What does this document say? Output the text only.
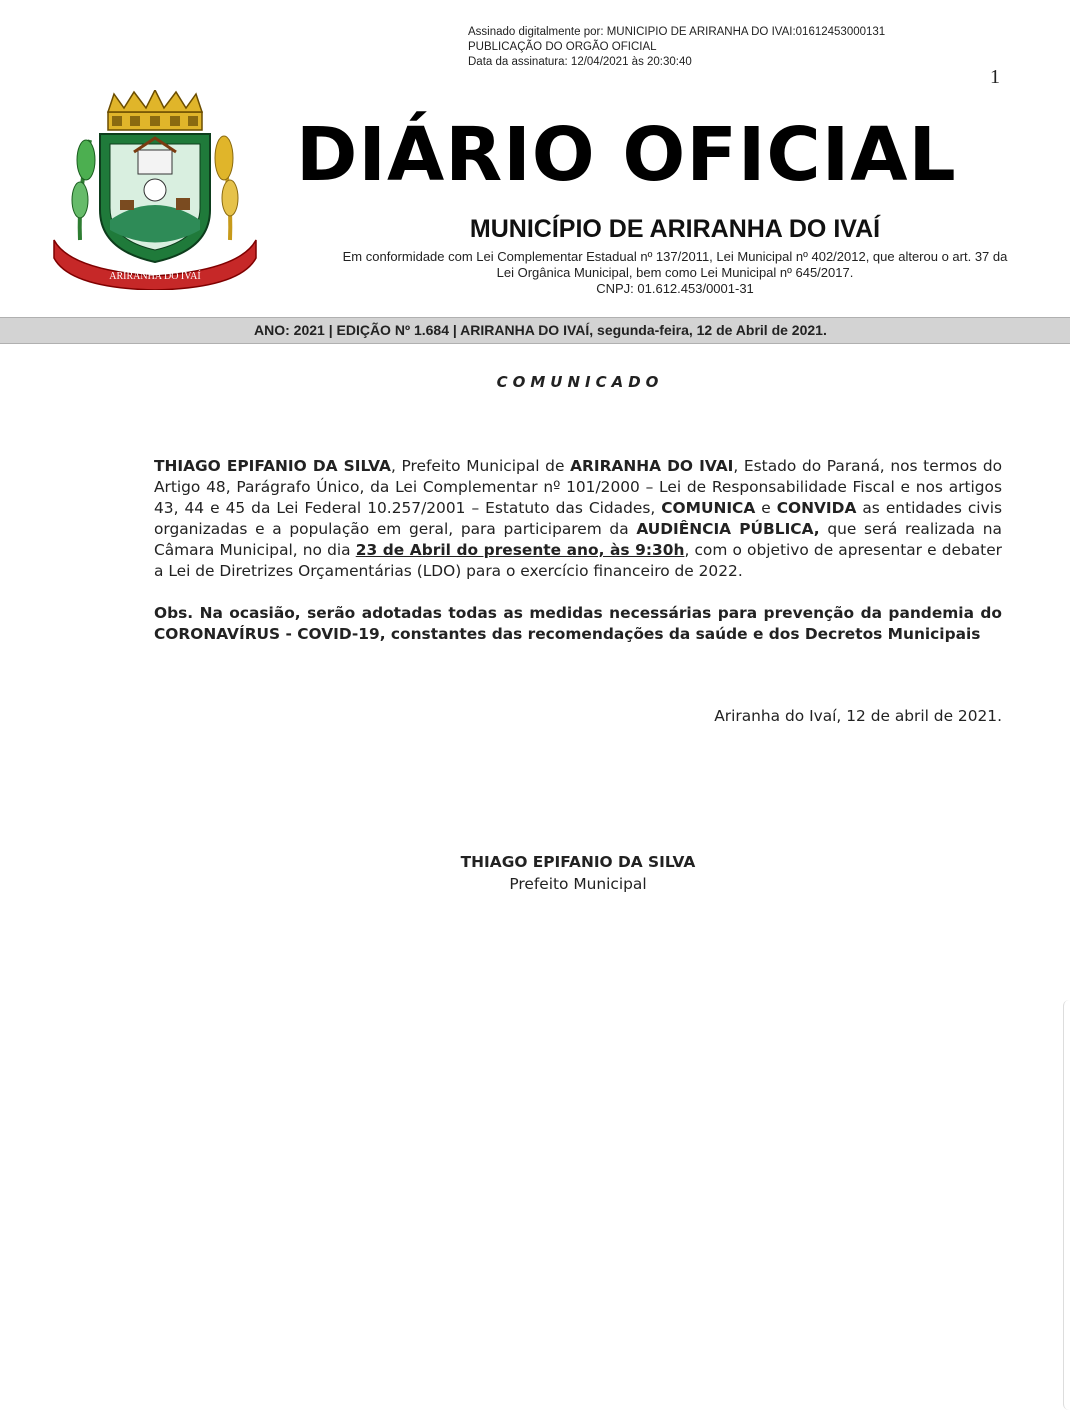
Assinado digitalmente por: MUNICIPIO DE ARIRANHA DO IVAI:01612453000131
PUBLICAÇÃO DO ORGÃO OFICIAL
Data da assinatura: 12/04/2021 às 20:30:40
1
ARIRANHA DO IVAÍ
DIÁRIO OFICIAL
MUNICÍPIO DE ARIRANHA DO IVAÍ
Em conformidade com Lei Complementar Estadual nº 137/2011, Lei Municipal nº 402/2012, que alterou o art. 37 da
Lei Orgânica Municipal, bem como Lei Municipal nº 645/2017.
CNPJ: 01.612.453/0001-31
ANO: 2021 | EDIÇÃO Nº 1.684 | ARIRANHA DO IVAÍ, segunda-feira, 12 de Abril de 2021.
COMUNICADO
THIAGO EPIFANIO DA SILVA, Prefeito Municipal de ARIRANHA DO IVAI, Estado do Paraná, nos termos do Artigo 48, Parágrafo Único, da Lei Complementar nº 101/2000 – Lei de Responsabilidade Fiscal e nos artigos 43, 44 e 45 da Lei Federal 10.257/2001 – Estatuto das Cidades, COMUNICA e CONVIDA as entidades civis organizadas e a população em geral, para participarem da AUDIÊNCIA PÚBLICA, que será realizada na Câmara Municipal, no dia 23 de Abril do presente ano, às 9:30h, com o objetivo de apresentar e debater a Lei de Diretrizes Orçamentárias (LDO) para o exercício financeiro de 2022.
Obs. Na ocasião, serão adotadas todas as medidas necessárias para prevenção da pandemia do CORONAVÍRUS - COVID-19, constantes das recomendações da saúde e dos Decretos Municipais
Ariranha do Ivaí, 12 de abril de 2021.
THIAGO EPIFANIO DA SILVA
Prefeito Municipal
